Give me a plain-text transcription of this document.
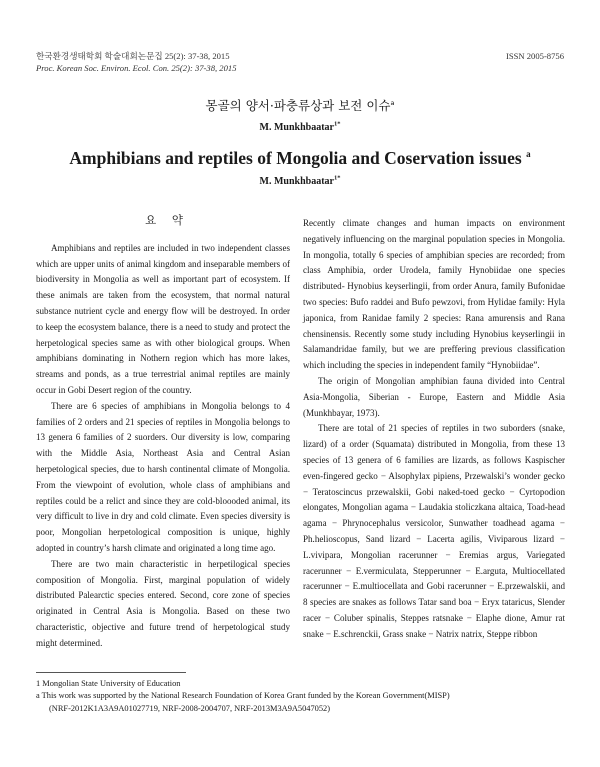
한국환경생태학회 학술대회논문집 25(2): 37-38, 2015
Proc. Korean Soc. Environ. Ecol. Con. 25(2): 37-38, 2015
ISSN 2005-8756
몽골의 양서·파충류상과 보전 이슈$^a$
M. Munkhbaatar$^{1*}$
Amphibians and reptiles of Mongolia and Coservation issues $^a$
M. Munkhbaatar$^{1*}$
요 약

Amphibians and reptiles are included in two independent classes which are upper units of animal kingdom and inseparable members of biodiversity in Mongolia as well as important part of ecosystem. If these animals are taken from the ecosystem, that normal natural substance nutrient cycle and energy flow will be destroyed. In order to keep the ecosystem balance, there is a need to study and protect the herpetological species same as with other biological groups. When amphibians dominating in Nothern region which has more lakes, streams and ponds, as a true terrestrial animal reptiles are mainly occur in Gobi Desert region of the country.

There are 6 species of amphibians in Mongolia belongs to 4 families of 2 orders and 21 species of reptiles in Mongolia belongs to 13 genera 6 families of 2 suorders. Our diversity is low, comparing with the Middle Asia, Northeast Asia and Central Asian herpetological species, due to harsh continental climate of Mongolia. From the viewpoint of evolution, whole class of amphibians and reptiles could be a relict and since they are cold-bloooded animal, its very difficult to live in dry and cold climate. Even species diversity is poor, Mongolian herpetological composition is unique, highly adopted in country’s harsh climate and originated a long time ago.

There are two main characteristic in herpetilogical species composition of Mongolia. First, marginal population of widely distributed Palearctic species entered. Second, core zone of species originated in Central Asia is Mongolia. Based on these two characteristic, objective and future trend of herpetological study might determined.

Recently climate changes and human impacts on environment negatively influencing on the marginal population species in Mongolia. In mongolia, totally 6 species of amphibian species are recorded; from class Amphibia, order Urodela, family Hynobiidae one species distributed- Hynobius keyserlingii, from order Anura, family Bufonidae two species: Bufo raddei and Bufo pewzovi, from Hylidae family: Hyla japonica, from Ranidae family 2 species: Rana amurensis and Rana chensinensis. Recently some study including Hynobius keyserlingii in Salamandridae family, but we are preffering previous classification which including the species in independent family “Hynobiidae”.

The origin of Mongolian amphibian fauna divided into Central Asia-Mongolia, Siberian - Europe, Eastern and Middle Asia (Munkhbayar, 1973).

There are total of 21 species of reptiles in two suborders (snake, lizard) of a order (Squamata) distributed in Mongolia, from these 13 species of 13 genera of 6 families are lizards, as follows Kaspischer even-fingered gecko − Alsophylax pipiens, Przewalski’s wonder gecko − Teratoscincus przewalskii, Gobi naked-toed gecko − Cyrtopodion elongates, Mongolian agama − Laudakia stoliczkana altaica, Toad-head agama − Phrynocephalus versicolor, Sunwather toadhead agama − Ph.helioscopus, Sand lizard − Lacerta agilis, Viviparous lizard − L.vivipara, Mongolian racerunner − Eremias argus, Variegated racerunner − E.vermiculata, Stepperunner − E.arguta, Multiocellated racerunner − E.multiocellata and Gobi racerunner − E.przewalskii, and 8 species are snakes as follows Tatar sand boa − Eryx tataricus, Slender racer − Coluber spinalis, Steppes ratsnake − Elaphe dione, Amur rat snake − E.schrenckii, Grass snake − Natrix natrix, Steppe ribbon

1 Mongolian State University of Education
a This work was supported by the National Research Foundation of Korea Grant funded by the Korean Government(MISP)
(NRF-2012K1A3A9A01027719, NRF-2008-2004707, NRF-2013M3A9A5047052)
